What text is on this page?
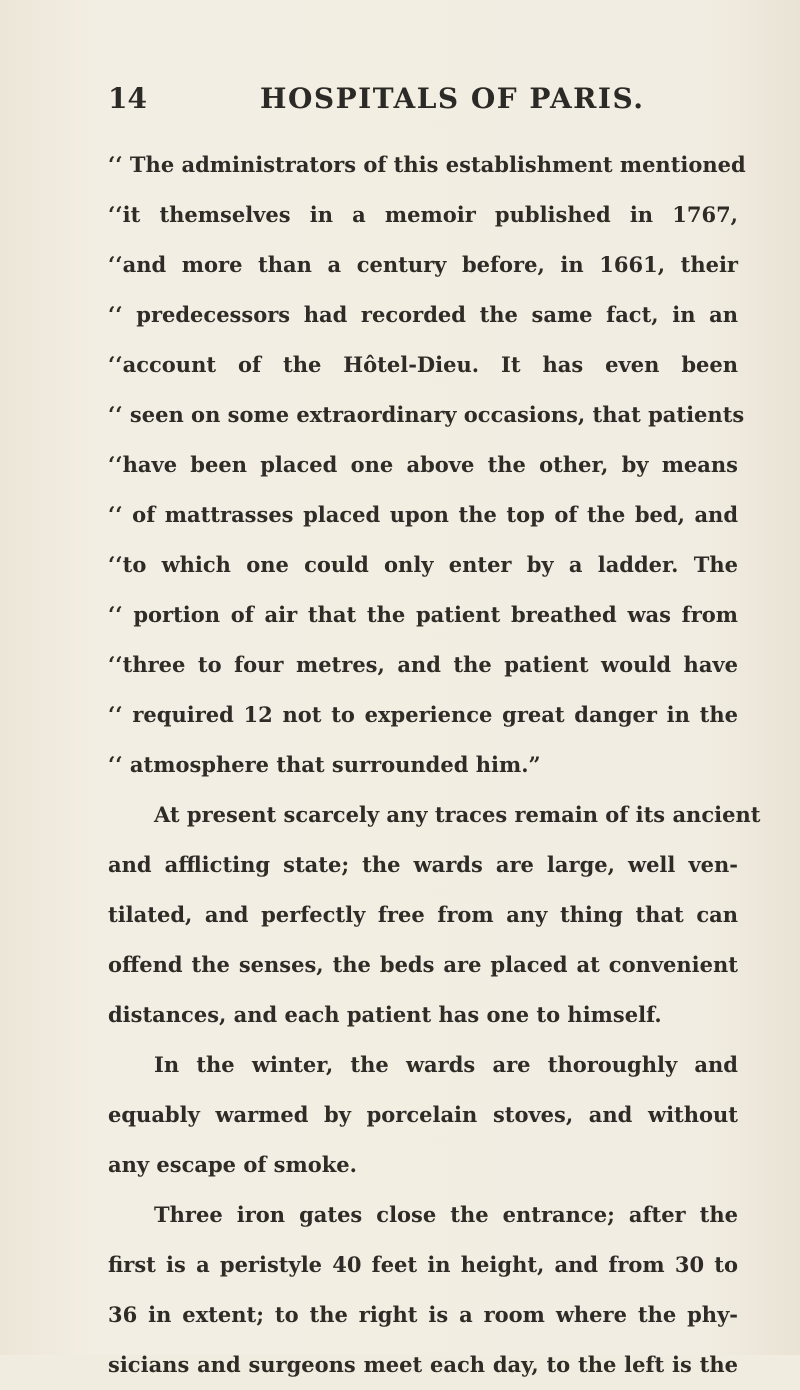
14	HOSPITALS OF PARIS.
‘‘ The administrators of this establishment mentioned
‘‘it themselves in a memoir published in 1767,
‘‘and more than a century before, in 1661, their
‘‘ predecessors had recorded the same fact, in an
‘‘account of the Hôtel-Dieu. It has even been
‘‘ seen on some extraordinary occasions, that patients
‘‘have been placed one above the other, by means
‘‘ of mattrasses placed upon the top of the bed, and
‘‘to which one could only enter by a ladder. The
‘‘ portion of air that the patient breathed was from
‘‘three to four metres, and the patient would have
‘‘ required 12 not to experience great danger in the
‘‘ atmosphere that surrounded him.”
At present scarcely any traces remain of its ancient
and afflicting state; the wards are large, well ven-
tilated, and perfectly free from any thing that can
offend the senses, the beds are placed at convenient
distances, and each patient has one to himself.
In the winter, the wards are thoroughly and
equably warmed by porcelain stoves, and without
any escape of smoke.
Three iron gates close the entrance; after the
first is a peristyle 40 feet in height, and from 30 to
36 in extent; to the right is a room where the phy-
sicians and surgeons meet each day, to the left is the
